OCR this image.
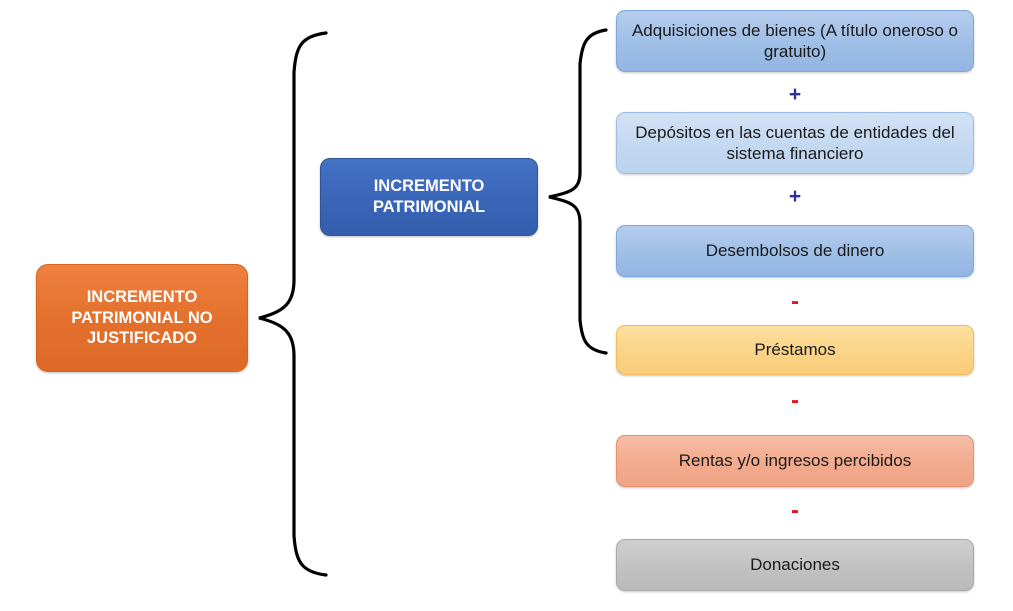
INCREMENTO PATRIMONIAL NO JUSTIFICADO
INCREMENTO PATRIMONIAL
Adquisiciones de bienes (A título oneroso o gratuito)
+
Depósitos en las cuentas de entidades del sistema financiero
+
Desembolsos de dinero
-
Préstamos
-
Rentas y/o ingresos percibidos
-
Donaciones
